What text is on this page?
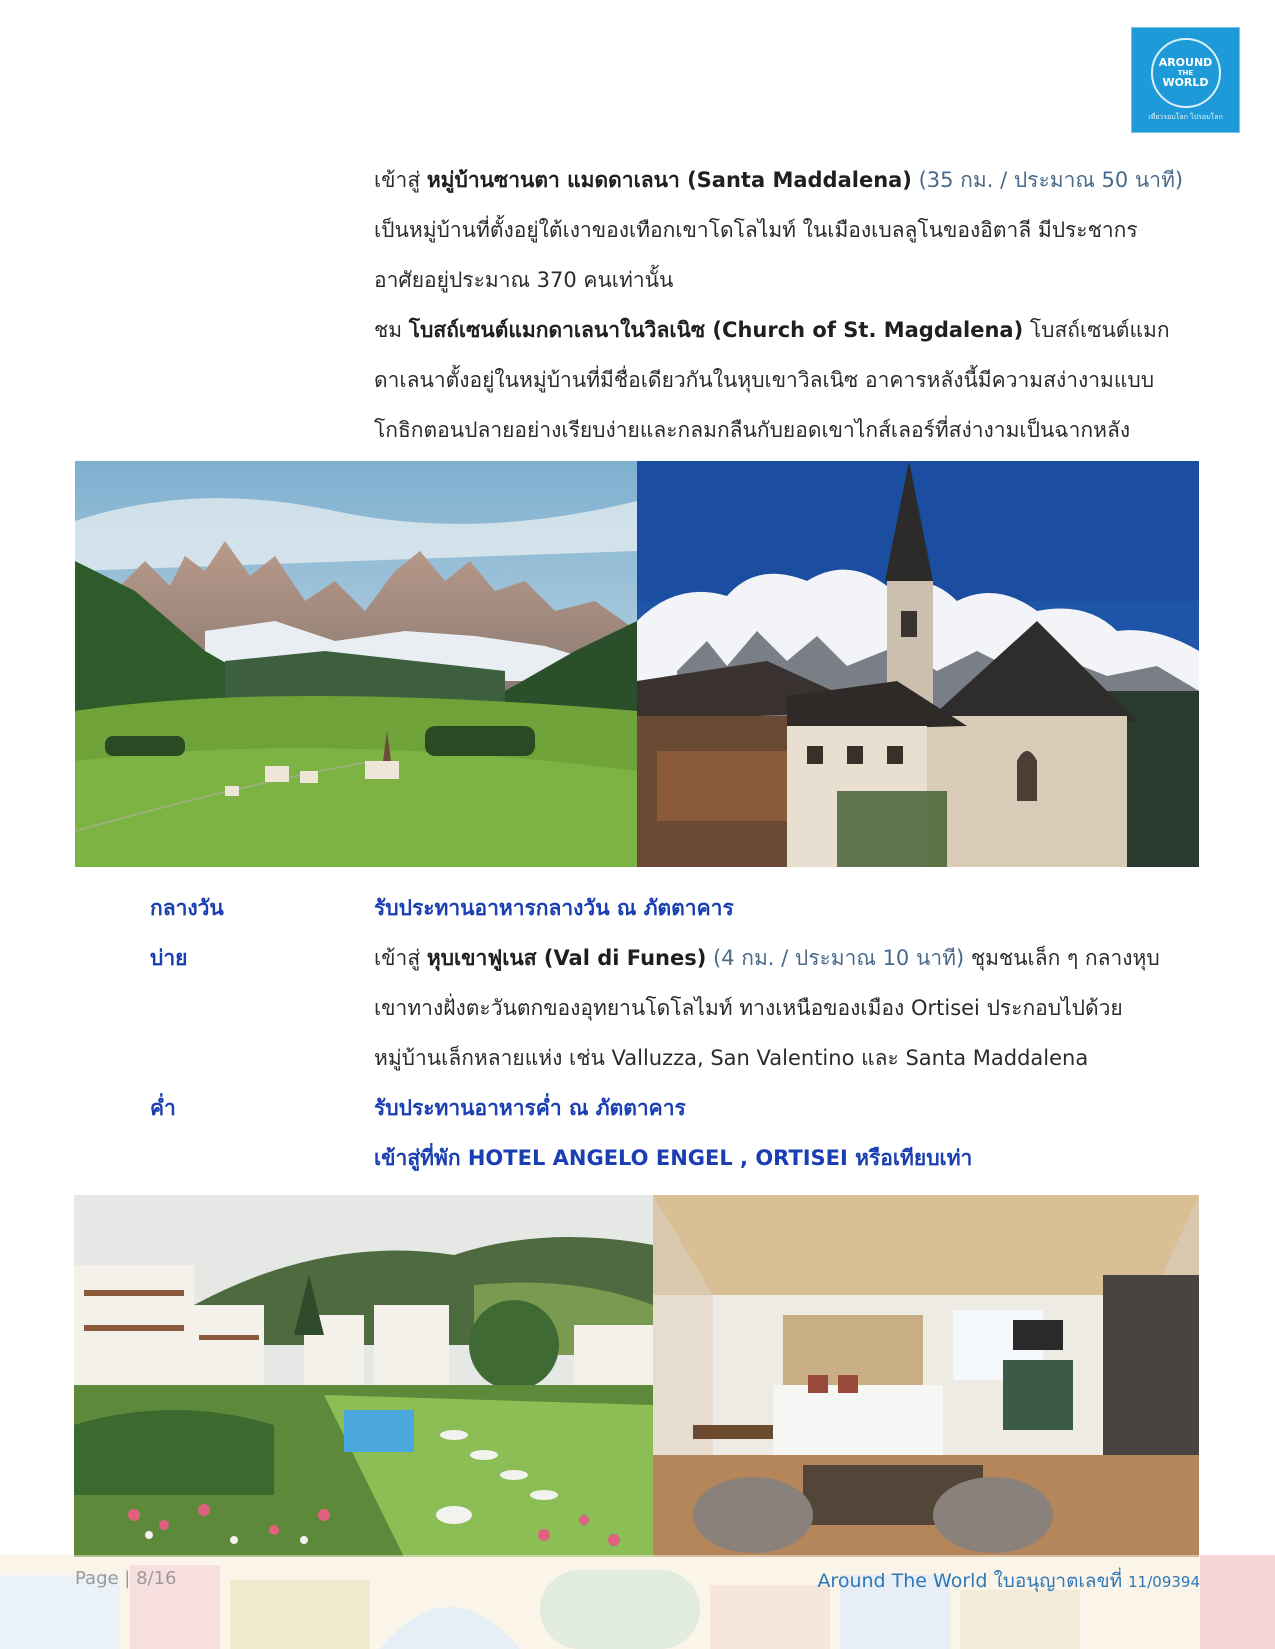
AROUND
THE
WORLD
เที่ยวรอบโลก ไปรอบโลก
เข้าสู่ หมู่บ้านซานตา แมดดาเลนา (Santa Maddalena) (35 กม. / ประมาณ 50 นาที)
เป็นหมู่บ้านที่ตั้งอยู่ใต้เงาของเทือกเขาโดโลไมท์ ในเมืองเบลลูโนของอิตาลี มีประชากร
อาศัยอยู่ประมาณ 370 คนเท่านั้น
ชม โบสถ์เซนต์แมกดาเลนาในวิลเนิซ (Church of St. Magdalena) โบสถ์เซนต์แมก
ดาเลนาตั้งอยู่ในหมู่บ้านที่มีชื่อเดียวกันในหุบเขาวิลเนิซ อาคารหลังนี้มีความสง่างามแบบ
โกธิกตอนปลายอย่างเรียบง่ายและกลมกลืนกับยอดเขาไกส์เลอร์ที่สง่างามเป็นฉากหลัง
กลางวัน	รับประทานอาหารกลางวัน ณ ภัตตาคาร
บ่าย	เข้าสู่ หุบเขาฟูเนส (Val di Funes) (4 กม. / ประมาณ 10 นาที) ชุมชนเล็ก ๆ กลางหุบ
เขาทางฝั่งตะวันตกของอุทยานโดโลไมท์ ทางเหนือของเมือง Ortisei ประกอบไปด้วย
หมู่บ้านเล็กหลายแห่ง เช่น Valluzza, San Valentino และ Santa Maddalena
ค่ำ	รับประทานอาหารค่ำ ณ ภัตตาคาร
เข้าสู่ที่พัก HOTEL ANGELO ENGEL , ORTISEI หรือเทียบเท่า
Page | 8/16	Around The World ใบอนุญาตเลขที่ 11/09394
